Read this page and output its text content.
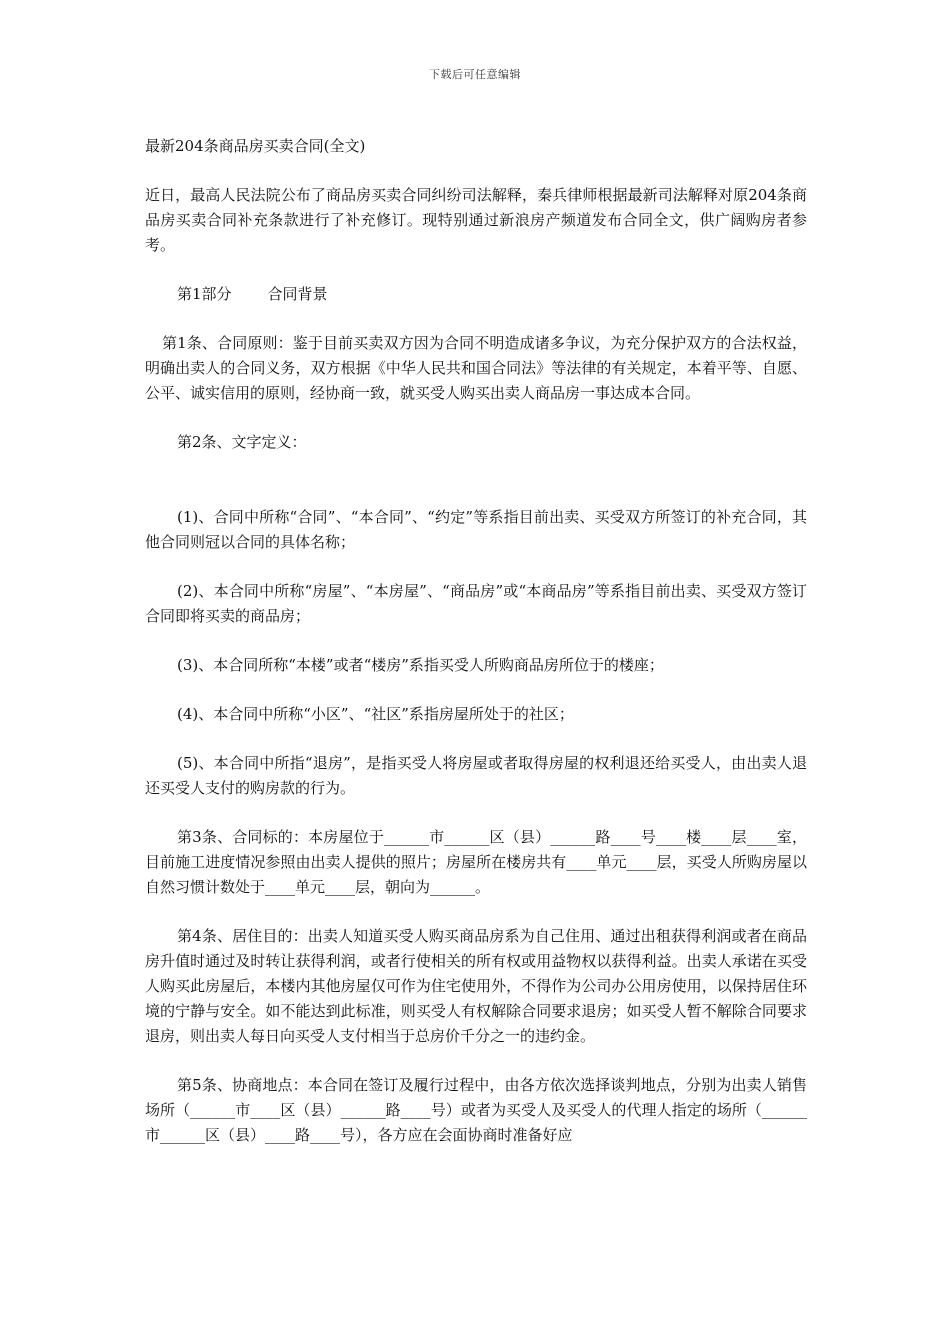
下载后可任意编辑

最新204条商品房买卖合同(全文)

近日，最高人民法院公布了商品房买卖合同纠纷司法解释，秦兵律师根据最新司法解释对原204条商品房买卖合同补充条款进行了补充修订。现特别通过新浪房产频道发布合同全文，供广阔购房者参考。

第1部分 合同背景

第1条、合同原则：鉴于目前买卖双方因为合同不明造成诸多争议，为充分保护双方的合法权益，明确出卖人的合同义务，双方根据《中华人民共和国合同法》等法律的有关规定，本着平等、自愿、公平、诚实信用的原则，经协商一致，就买受人购买出卖人商品房一事达成本合同。

第2条、文字定义：

(1)、合同中所称“合同”、“本合同”、“约定”等系指目前出卖、买受双方所签订的补充合同，其他合同则冠以合同的具体名称；

(2)、本合同中所称“房屋”、“本房屋”、“商品房”或“本商品房”等系指目前出卖、买受双方签订合同即将买卖的商品房；

(3)、本合同所称“本楼”或者“楼房”系指买受人所购商品房所位于的楼座；

(4)、本合同中所称“小区”、“社区”系指房屋所处于的社区；

(5)、本合同中所指“退房”，是指买受人将房屋或者取得房屋的权利退还给买受人，由出卖人退还买受人支付的购房款的行为。

第3条、合同标的：本房屋位于______市______区（县）______路____号____楼____层____室，目前施工进度情况参照由出卖人提供的照片；房屋所在楼房共有____单元____层，买受人所购房屋以自然习惯计数处于____单元____层，朝向为______。

第4条、居住目的：出卖人知道买受人购买商品房系为自己住用、通过出租获得利润或者在商品房升值时通过及时转让获得利润，或者行使相关的所有权或用益物权以获得利益。出卖人承诺在买受人购买此房屋后，本楼内其他房屋仅可作为住宅使用外，不得作为公司办公用房使用，以保持居住环境的宁静与安全。如不能达到此标准，则买受人有权解除合同要求退房；如买受人暂不解除合同要求退房，则出卖人每日向买受人支付相当于总房价千分之一的违约金。

第5条、协商地点：本合同在签订及履行过程中，由各方依次选择谈判地点，分别为出卖人销售场所（______市____区（县）______路____号）或者为买受人及买受人的代理人指定的场所（______市______区（县）____路____号），各方应在会面协商时准备好应
